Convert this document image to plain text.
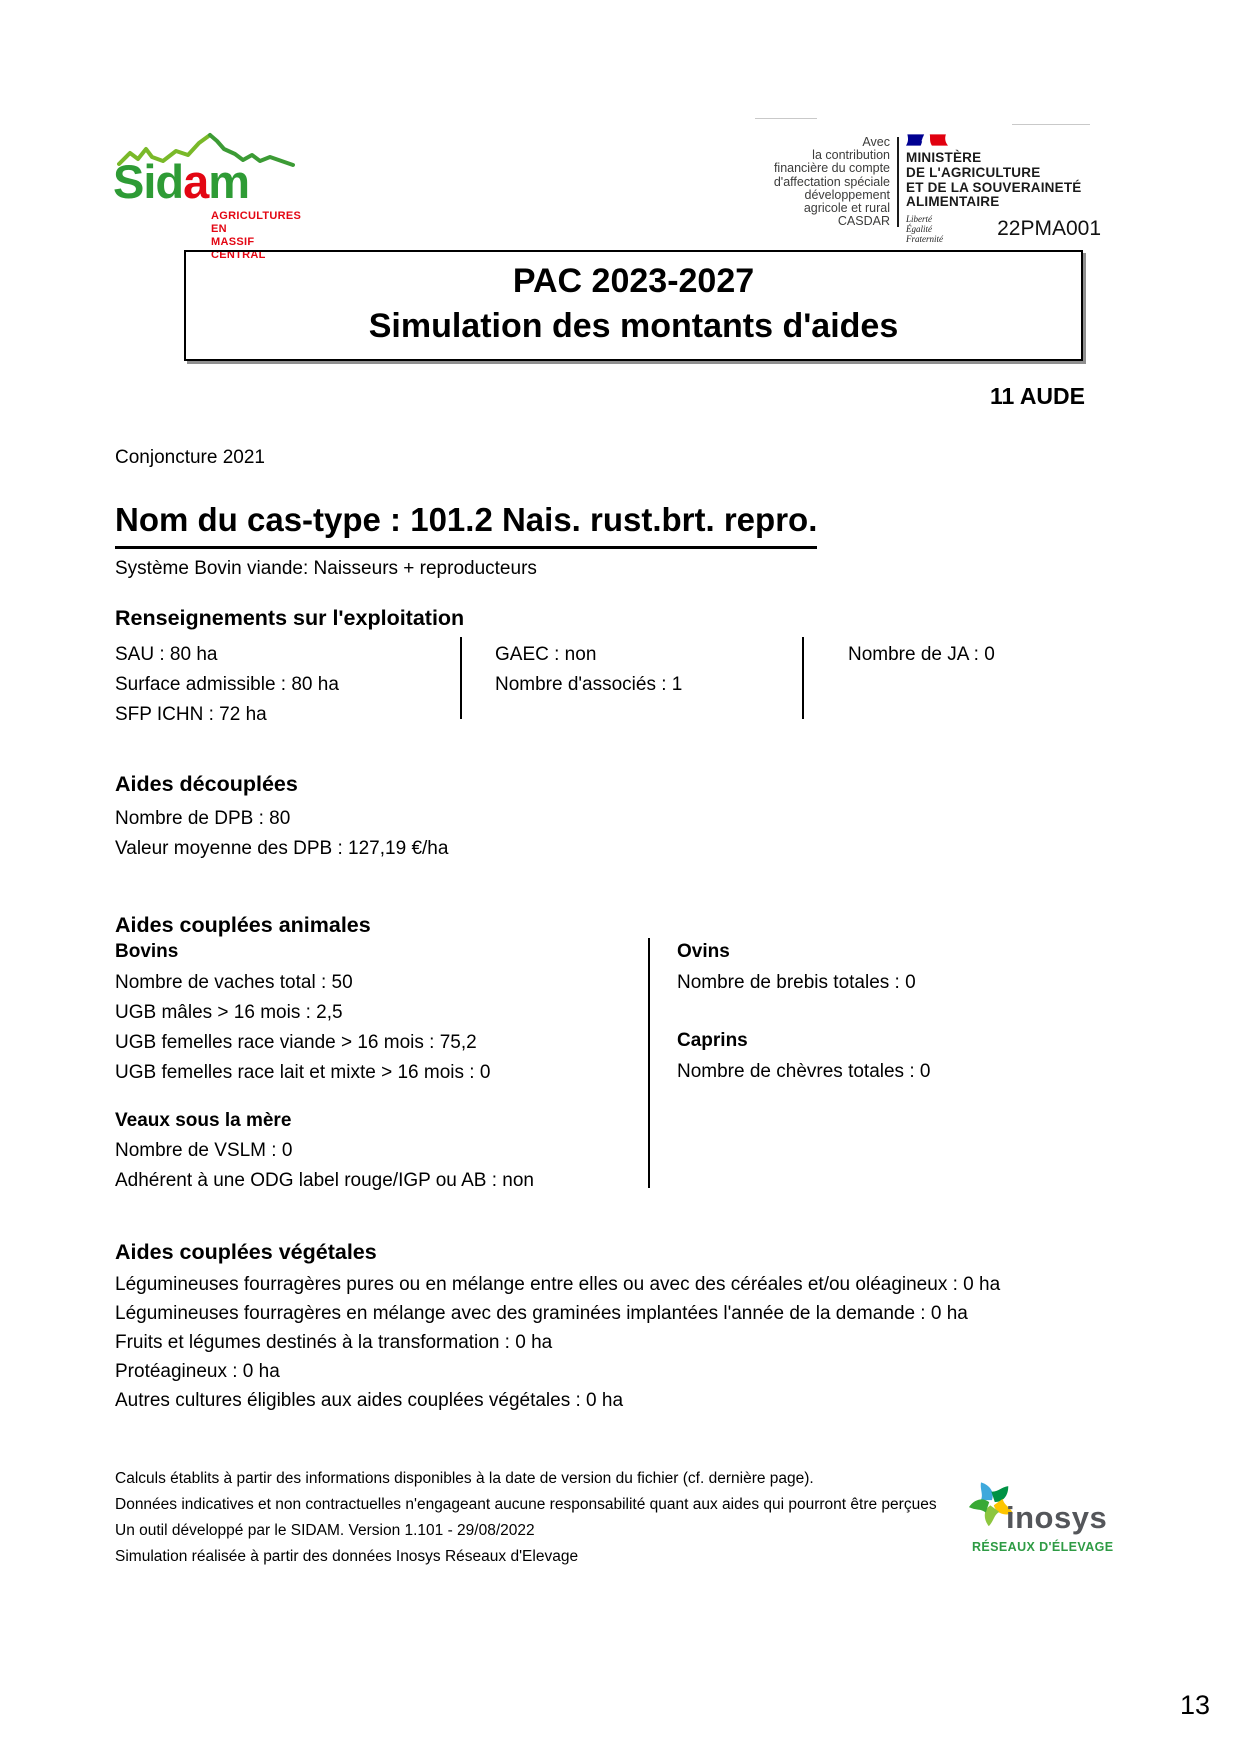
Sidam
AGRICULTURES EN
MASSIF CENTRAL
Avec
la contribution
financière du compte
d'affectation spéciale
développement
agricole et rural
CASDAR
MINISTÈRE
DE L'AGRICULTURE
ET DE LA SOUVERAINETÉ
ALIMENTAIRE
Liberté
Égalité
Fraternité	22PMA001
PAC 2023-2027
Simulation des montants d'aides
11 AUDE
Conjoncture 2021
Nom du cas-type : 101.2 Nais. rust.brt. repro.
Système Bovin viande: Naisseurs + reproducteurs
Renseignements sur l'exploitation
SAU : 80 ha
Surface admissible : 80 ha
SFP ICHN : 72 ha
GAEC : non
Nombre d'associés : 1
Nombre de JA : 0
Aides découplées
Nombre de DPB : 80
Valeur moyenne des DPB : 127,19 €/ha
Aides couplées animales
Bovins
Nombre de vaches total : 50
UGB mâles > 16 mois : 2,5
UGB femelles race viande > 16 mois : 75,2
UGB femelles race lait et mixte > 16 mois : 0
Veaux sous la mère
Nombre de VSLM : 0
Adhérent à une ODG label rouge/IGP ou AB : non
Ovins
Nombre de brebis totales : 0
Caprins
Nombre de chèvres totales : 0
Aides couplées végétales
Légumineuses fourragères pures ou en mélange entre elles ou avec des céréales et/ou oléagineux : 0 ha
Légumineuses fourragères en mélange avec des graminées implantées l'année de la demande : 0 ha
Fruits et légumes destinés à la transformation : 0 ha
Protéagineux : 0 ha
Autres cultures éligibles aux aides couplées végétales : 0 ha
Calculs établits à partir des informations disponibles à la date de version du fichier (cf. dernière page).
Données indicatives et non contractuelles n'engageant aucune responsabilité quant aux aides qui pourront être perçues
Un outil développé par le SIDAM. Version 1.101 - 29/08/2022
Simulation réalisée à partir des données Inosys Réseaux d'Elevage
inosys
RÉSEAUX D'ÉLEVAGE
13
